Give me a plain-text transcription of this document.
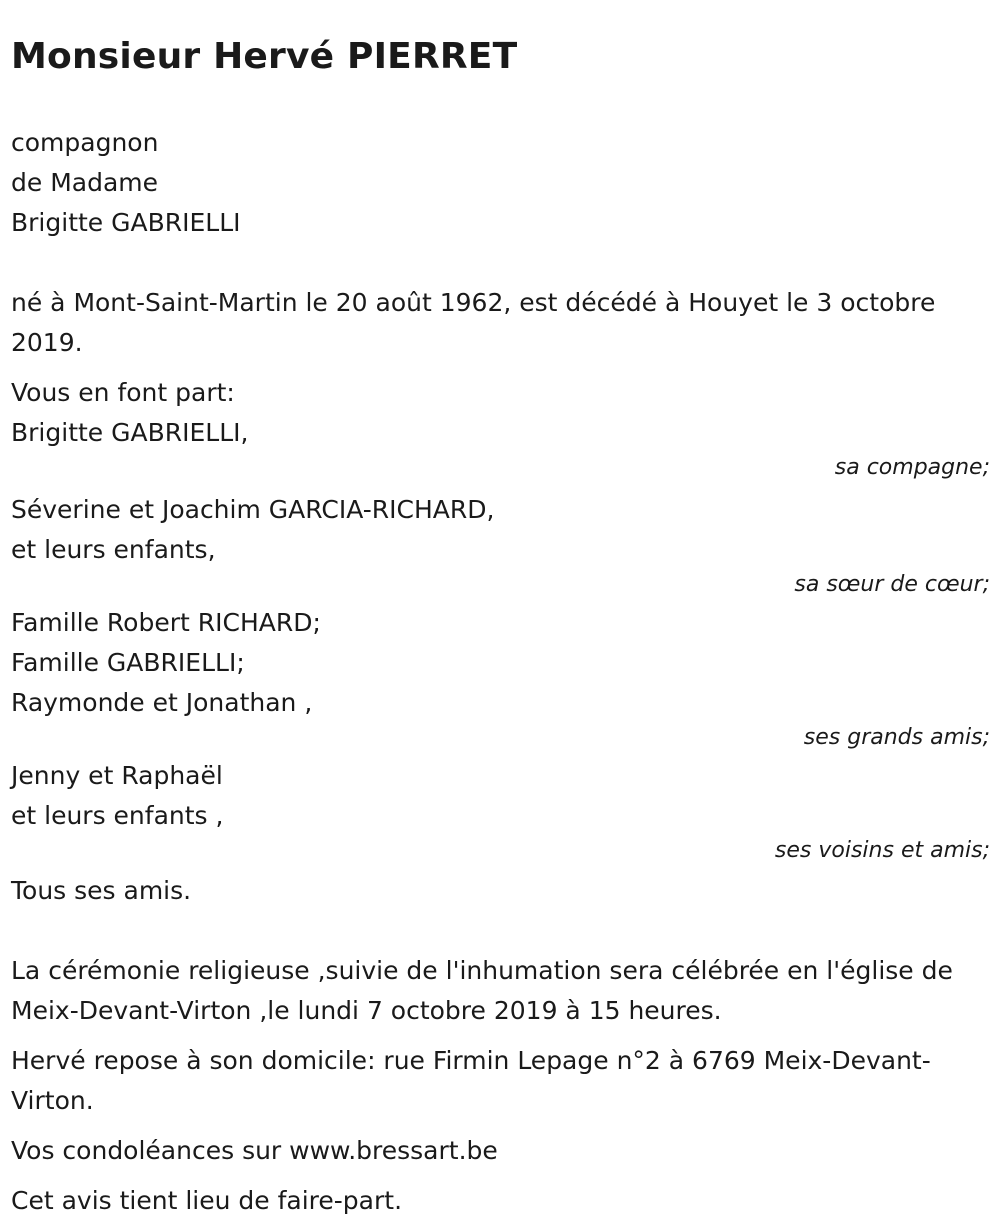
Monsieur Hervé PIERRET
compagnon
de Madame
Brigitte GABRIELLI
né à Mont-Saint-Martin le 20 août 1962, est décédé à Houyet le 3 octobre 2019.
Vous en font part:
Brigitte GABRIELLI,
sa compagne;
Séverine et Joachim GARCIA-RICHARD,
et leurs enfants,
sa sœur de cœur;
Famille Robert RICHARD;
Famille GABRIELLI;
Raymonde et Jonathan ,
ses grands amis;
Jenny et Raphaël
et leurs enfants ,
ses voisins et amis;
Tous ses amis.
La cérémonie religieuse ,suivie de l'inhumation sera célébrée en l'église de Meix-Devant-Virton ,le lundi 7 octobre 2019 à 15 heures.
Hervé repose à son domicile: rue Firmin Lepage n°2 à 6769 Meix-Devant-Virton.
Vos condoléances sur www.bressart.be
Cet avis tient lieu de faire-part.
